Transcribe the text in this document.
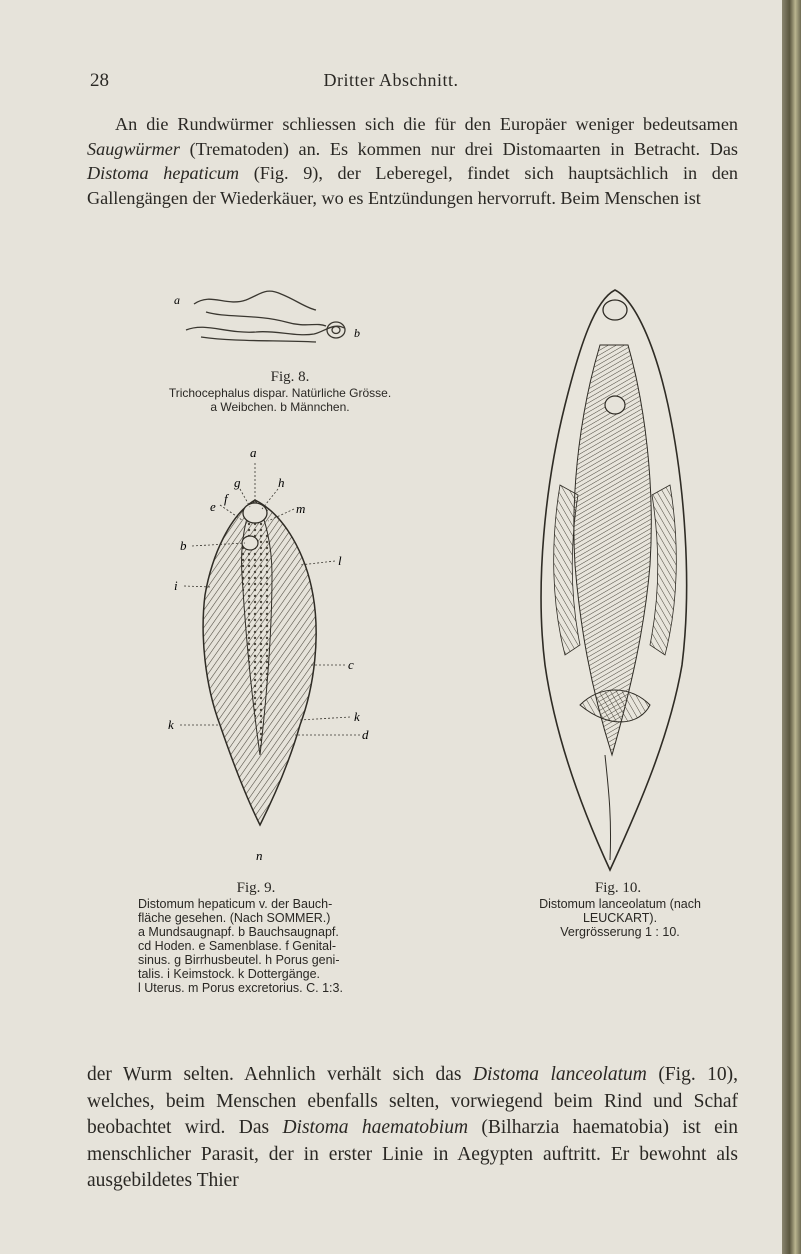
28	Dritter Abschnitt.

An die Rundwürmer schliessen sich die für den Europäer weniger bedeutsamen Saugwürmer (Trematoden) an. Es kommen nur drei Distomaarten in Betracht. Das Distoma hepaticum (Fig. 9), der Leberegel, findet sich hauptsächlich in den Gallengängen der Wiederkäuer, wo es Entzündungen hervorruft. Beim Menschen ist

a
b
Fig. 8.
Trichocephalus dispar. Natürliche Grösse.
a Weibchen. b Männchen.
a
g
f
h
e	m
b
l
i
c
k
k
d
n
Fig. 9.
Distomum hepaticum v. der Bauch-
fläche gesehen. (Nach SOMMER.)
a Mundsaugnapf. b Bauchsaugnapf.
cd Hoden. e Samenblase. f Genital-
sinus. g Birrhusbeutel. h Porus geni-
talis. i Keimstock. k Dottergänge.
l Uterus. m Porus excretorius. C. 1:3.
Fig. 10.
Distomum lanceolatum (nach
LEUCKART).
Vergrösserung 1 : 10.

der Wurm selten. Aehnlich verhält sich das Distoma lanceolatum (Fig. 10), welches, beim Menschen ebenfalls selten, vorwiegend beim Rind und Schaf beobachtet wird. Das Distoma haematobium (Bilharzia haematobia) ist ein menschlicher Parasit, der in erster Linie in Aegypten auftritt. Er bewohnt als ausgebildetes Thier
